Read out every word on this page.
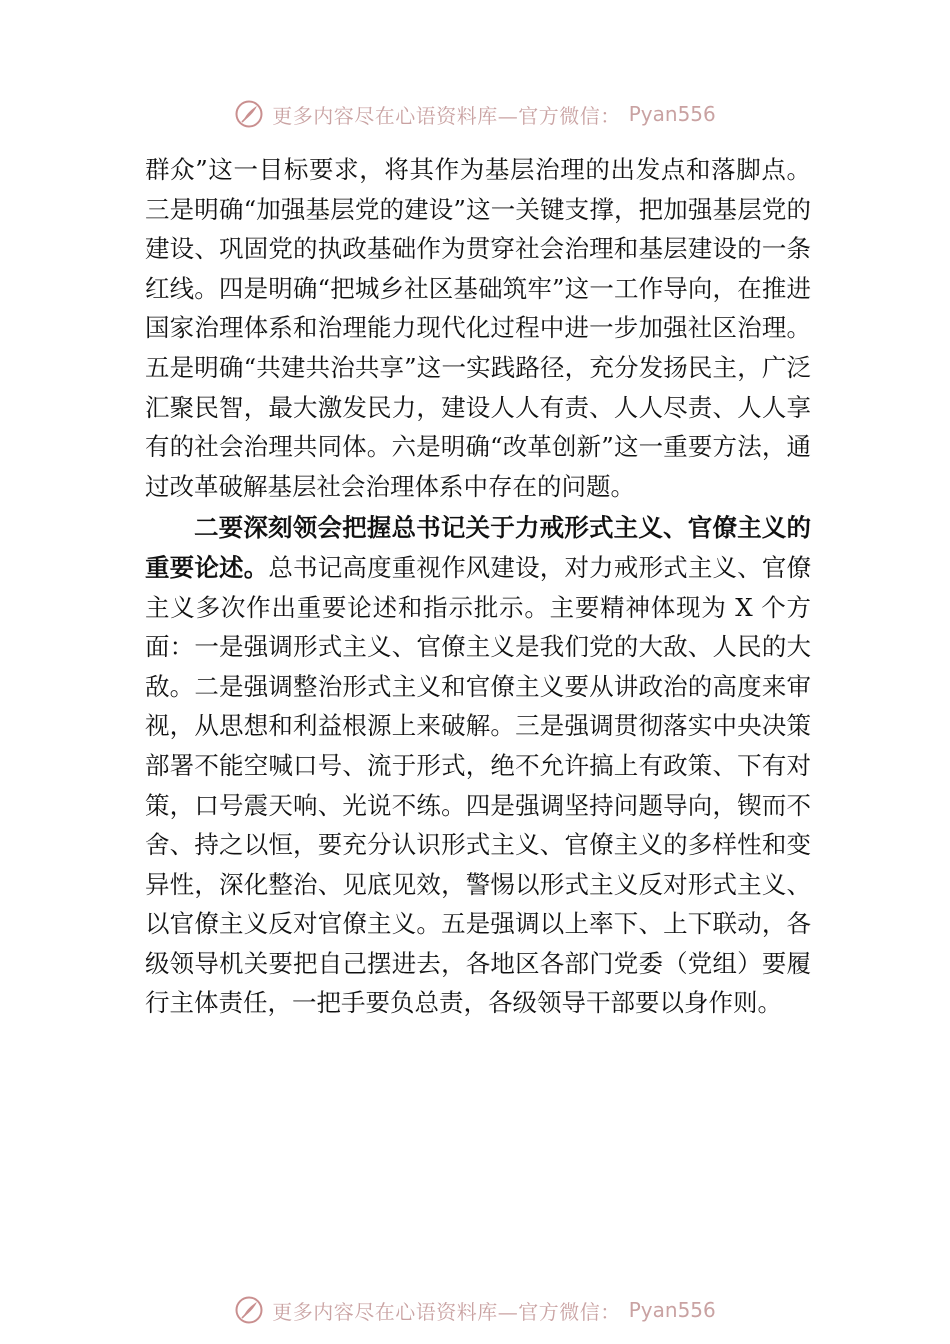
更多内容尽在心语资料库—官方微信： Pyan556

群众”这一目标要求，将其作为基层治理的出发点和落脚点。三是明确“加强基层党的建设”这一关键支撑，把加强基层党的建设、巩固党的执政基础作为贯穿社会治理和基层建设的一条红线。四是明确“把城乡社区基础筑牢”这一工作导向，在推进国家治理体系和治理能力现代化过程中进一步加强社区治理。五是明确“共建共治共享”这一实践路径，充分发扬民主，广泛汇聚民智，最大激发民力，建设人人有责、人人尽责、人人享有的社会治理共同体。六是明确“改革创新”这一重要方法，通过改革破解基层社会治理体系中存在的问题。

二要深刻领会把握总书记关于力戒形式主义、官僚主义的重要论述。总书记高度重视作风建设，对力戒形式主义、官僚主义多次作出重要论述和指示批示。主要精神体现为 X 个方面：一是强调形式主义、官僚主义是我们党的大敌、人民的大敌。二是强调整治形式主义和官僚主义要从讲政治的高度来审视，从思想和利益根源上来破解。三是强调贯彻落实中央决策部署不能空喊口号、流于形式，绝不允许搞上有政策、下有对策，口号震天响、光说不练。四是强调坚持问题导向，锲而不舍、持之以恒，要充分认识形式主义、官僚主义的多样性和变异性，深化整治、见底见效，警惕以形式主义反对形式主义、以官僚主义反对官僚主义。五是强调以上率下、上下联动，各级领导机关要把自己摆进去，各地区各部门党委（党组）要履行主体责任，一把手要负总责，各级领导干部要以身作则。

更多内容尽在心语资料库—官方微信： Pyan556
